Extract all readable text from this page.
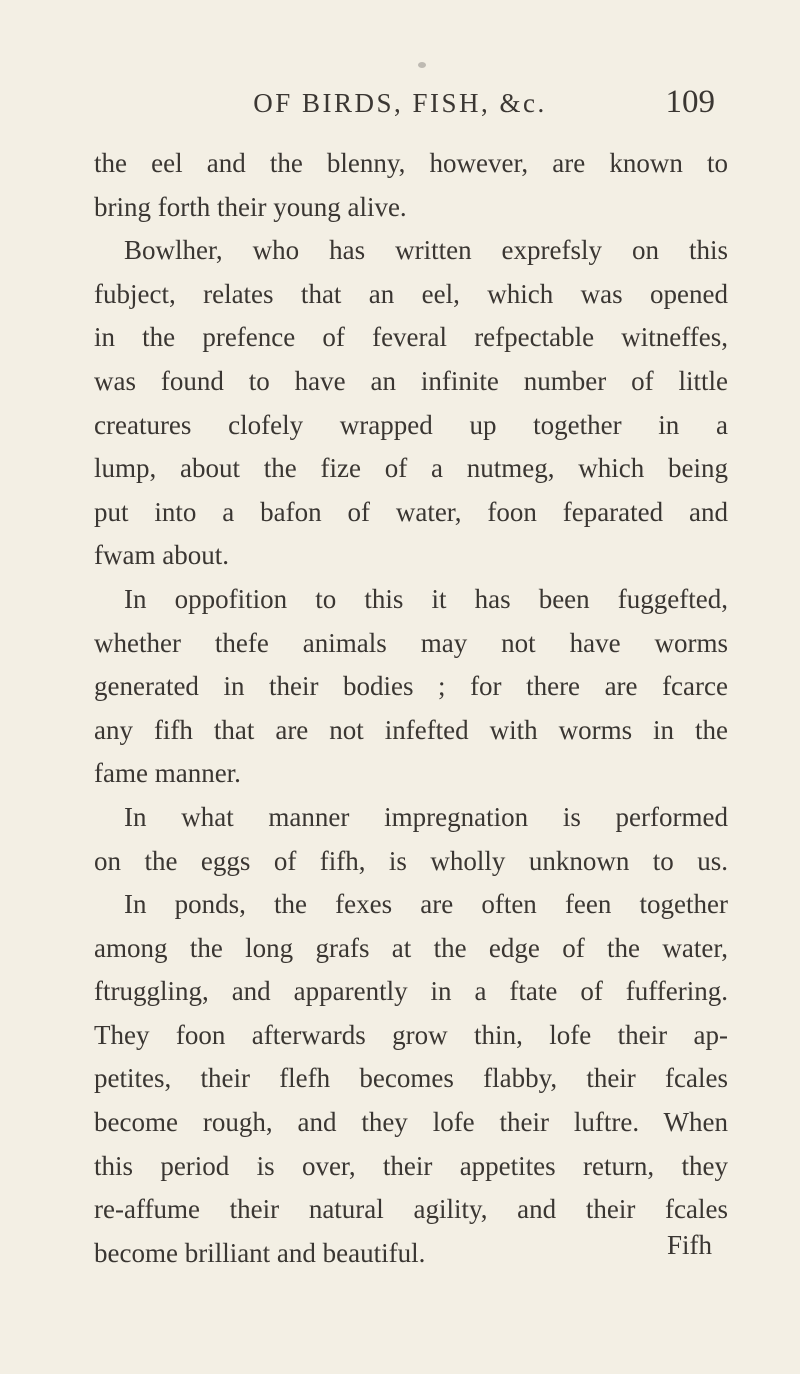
OF BIRDS, FISH, &c.	109
the eel and the blenny, however, are known to
bring forth their young alive.
Bowlher, who has written exprefsly on this
fubject, relates that an eel, which was opened
in the prefence of feveral refpectable witneffes,
was found to have an infinite number of little
creatures clofely wrapped up together in a
lump, about the fize of a nutmeg, which being
put into a bafon of water, foon feparated and
fwam about.
In oppofition to this it has been fuggefted,
whether thefe animals may not have worms
generated in their bodies ; for there are fcarce
any fifh that are not infefted with worms in the
fame manner.
In what manner impregnation is performed
on the eggs of fifh, is wholly unknown to us.
In ponds, the fexes are often feen together
among the long grafs at the edge of the water,
ftruggling, and apparently in a ftate of fuffering.
They foon afterwards grow thin, lofe their ap-
petites, their flefh becomes flabby, their fcales
become rough, and they lofe their luftre. When
this period is over, their appetites return, they
re-affume their natural agility, and their fcales
become brilliant and beautiful.	Fifh
